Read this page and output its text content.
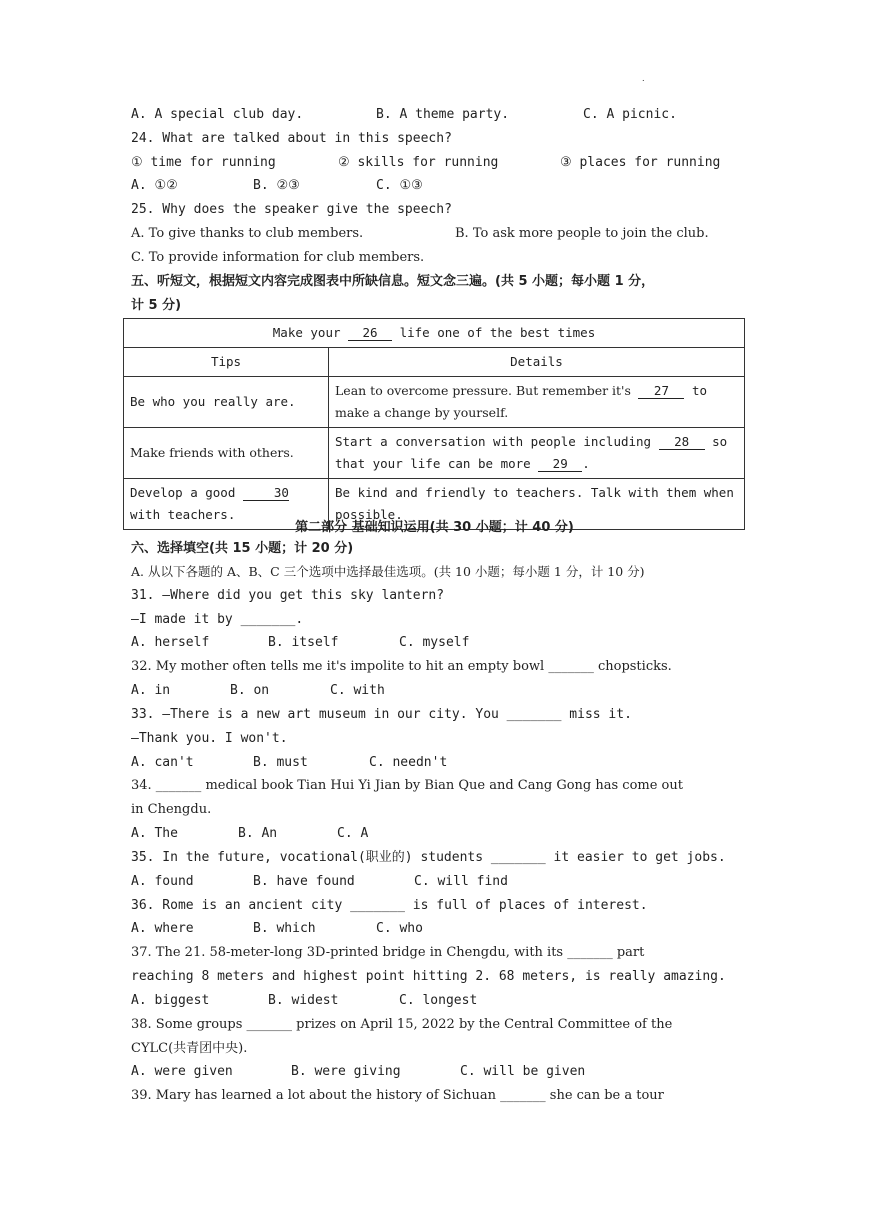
.
A. A special club day.	B. A theme party.	C. A picnic.
24. What are talked about in this speech?
① time for running	② skills for running	③ places for running
A. ①②	B. ②③	C. ①③
25. Why does the speaker give the speech?
A. To give thanks to club members.	B. To ask more people to join the club.
C. To provide information for club members.
五、听短文，根据短文内容完成图表中所缺信息。短文念三遍。(共 5 小题；每小题 1 分，
计 5 分)
Make your 26 life one of the best times	
Tips	Details
Be who you really are.	Lean to overcome pressure. But remember it's 27 to
make a change by yourself.
Make friends with others.	Start a conversation with people including 28 so
that your life can be more 29 .
Develop a good 30
with teachers.	Be kind and friendly to teachers. Talk with them when
possible.
第二部分 基础知识运用(共 30 小题；计 40 分)
六、选择填空(共 15 小题；计 20 分)
A. 从以下各题的 A、B、C 三个选项中选择最佳选项。(共 10 小题；每小题 1 分，计 10 分)
31. —Where did you get this sky lantern?
—I made it by _______.
A. herself	B. itself	C. myself
32. My mother often tells me it's impolite to hit an empty bowl _______ chopsticks.
A. in	B. on	C. with
33. —There is a new art museum in our city. You _______ miss it.
—Thank you. I won't.
A. can't	B. must	C. needn't
34. _______ medical book Tian Hui Yi Jian by Bian Que and Cang Gong has come out
in Chengdu.
A. The	B. An	C. A
35. In the future, vocational(职业的) students _______ it easier to get jobs.
A. found	B. have found	C. will find
36. Rome is an ancient city _______ is full of places of interest.
A. where	B. which	C. who
37. The 21. 58-meter-long 3D-printed bridge in Chengdu, with its _______ part
reaching 8 meters and highest point hitting 2. 68 meters, is really amazing.
A. biggest	B. widest	C. longest
38. Some groups _______ prizes on April 15, 2022 by the Central Committee of the
CYLC(共青团中央).
A. were given	B. were giving	C. will be given
39. Mary has learned a lot about the history of Sichuan _______ she can be a tour
